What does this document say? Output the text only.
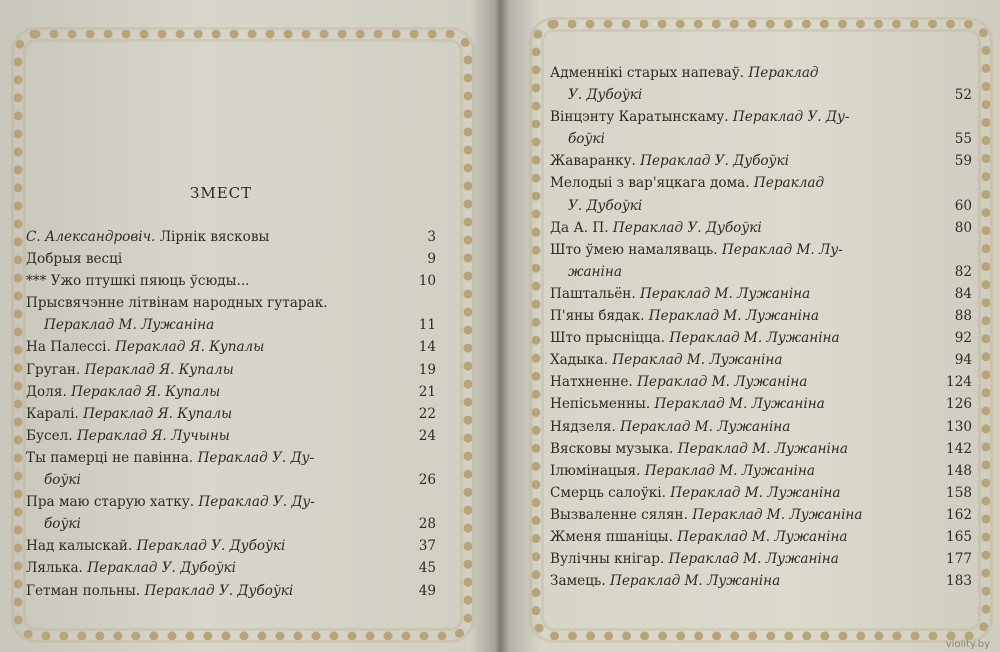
ЗМЕСТ
С. Александровіч. Лірнік вясковы	3
Добрыя весці	9
*** Ужо птушкі пяюць ўсюды...	10
Прысвячэнне літвінам народных гутарак.
Пераклад М. Лужаніна	11
На Палессі. Пераклад Я. Купалы	14
Груган. Пераклад Я. Купалы	19
Доля. Пераклад Я. Купалы	21
Каралі. Пераклад Я. Купалы	22
Бусел. Пераклад Я. Лучыны	24
Ты памерці не павінна. Пераклад У. Ду-
боўкі	26
Пра маю старую хатку. Пераклад У. Ду-
боўкі	28
Над калыскай. Пераклад У. Дубоўкі	37
Лялька. Пераклад У. Дубоўкі	45
Гетман польны. Пераклад У. Дубоўкі	49
Адменнікі старых напеваў. Пераклад
У. Дубоўкі	52
Вінцэнту Каратынскаму. Пераклад У. Ду-
боўкі	55
Жаваранку. Пераклад У. Дубоўкі	59
Мелодыі з вар'яцкага дома. Пераклад
У. Дубоўкі	60
Да А. П. Пераклад У. Дубоўкі	80
Што ўмею намаляваць. Пераклад М. Лу-
жаніна	82
Паштальён. Пераклад М. Лужаніна	84
П'яны бядак. Пераклад М. Лужаніна	88
Што прысніцца. Пераклад М. Лужаніна	92
Хадыка. Пераклад М. Лужаніна	94
Натхненне. Пераклад М. Лужаніна	124
Непісьменны. Пераклад М. Лужаніна	126
Нядзеля. Пераклад М. Лужаніна	130
Вясковы музыка. Пераклад М. Лужаніна	142
Ілюмінацыя. Пераклад М. Лужаніна	148
Смерць салоўкі. Пераклад М. Лужаніна	158
Вызваленне сялян. Пераклад М. Лужаніна	162
Жменя пшаніцы. Пераклад М. Лужаніна	165
Вулічны кнігар. Пераклад М. Лужаніна	177
Замець. Пераклад М. Лужаніна	183
violity.by
